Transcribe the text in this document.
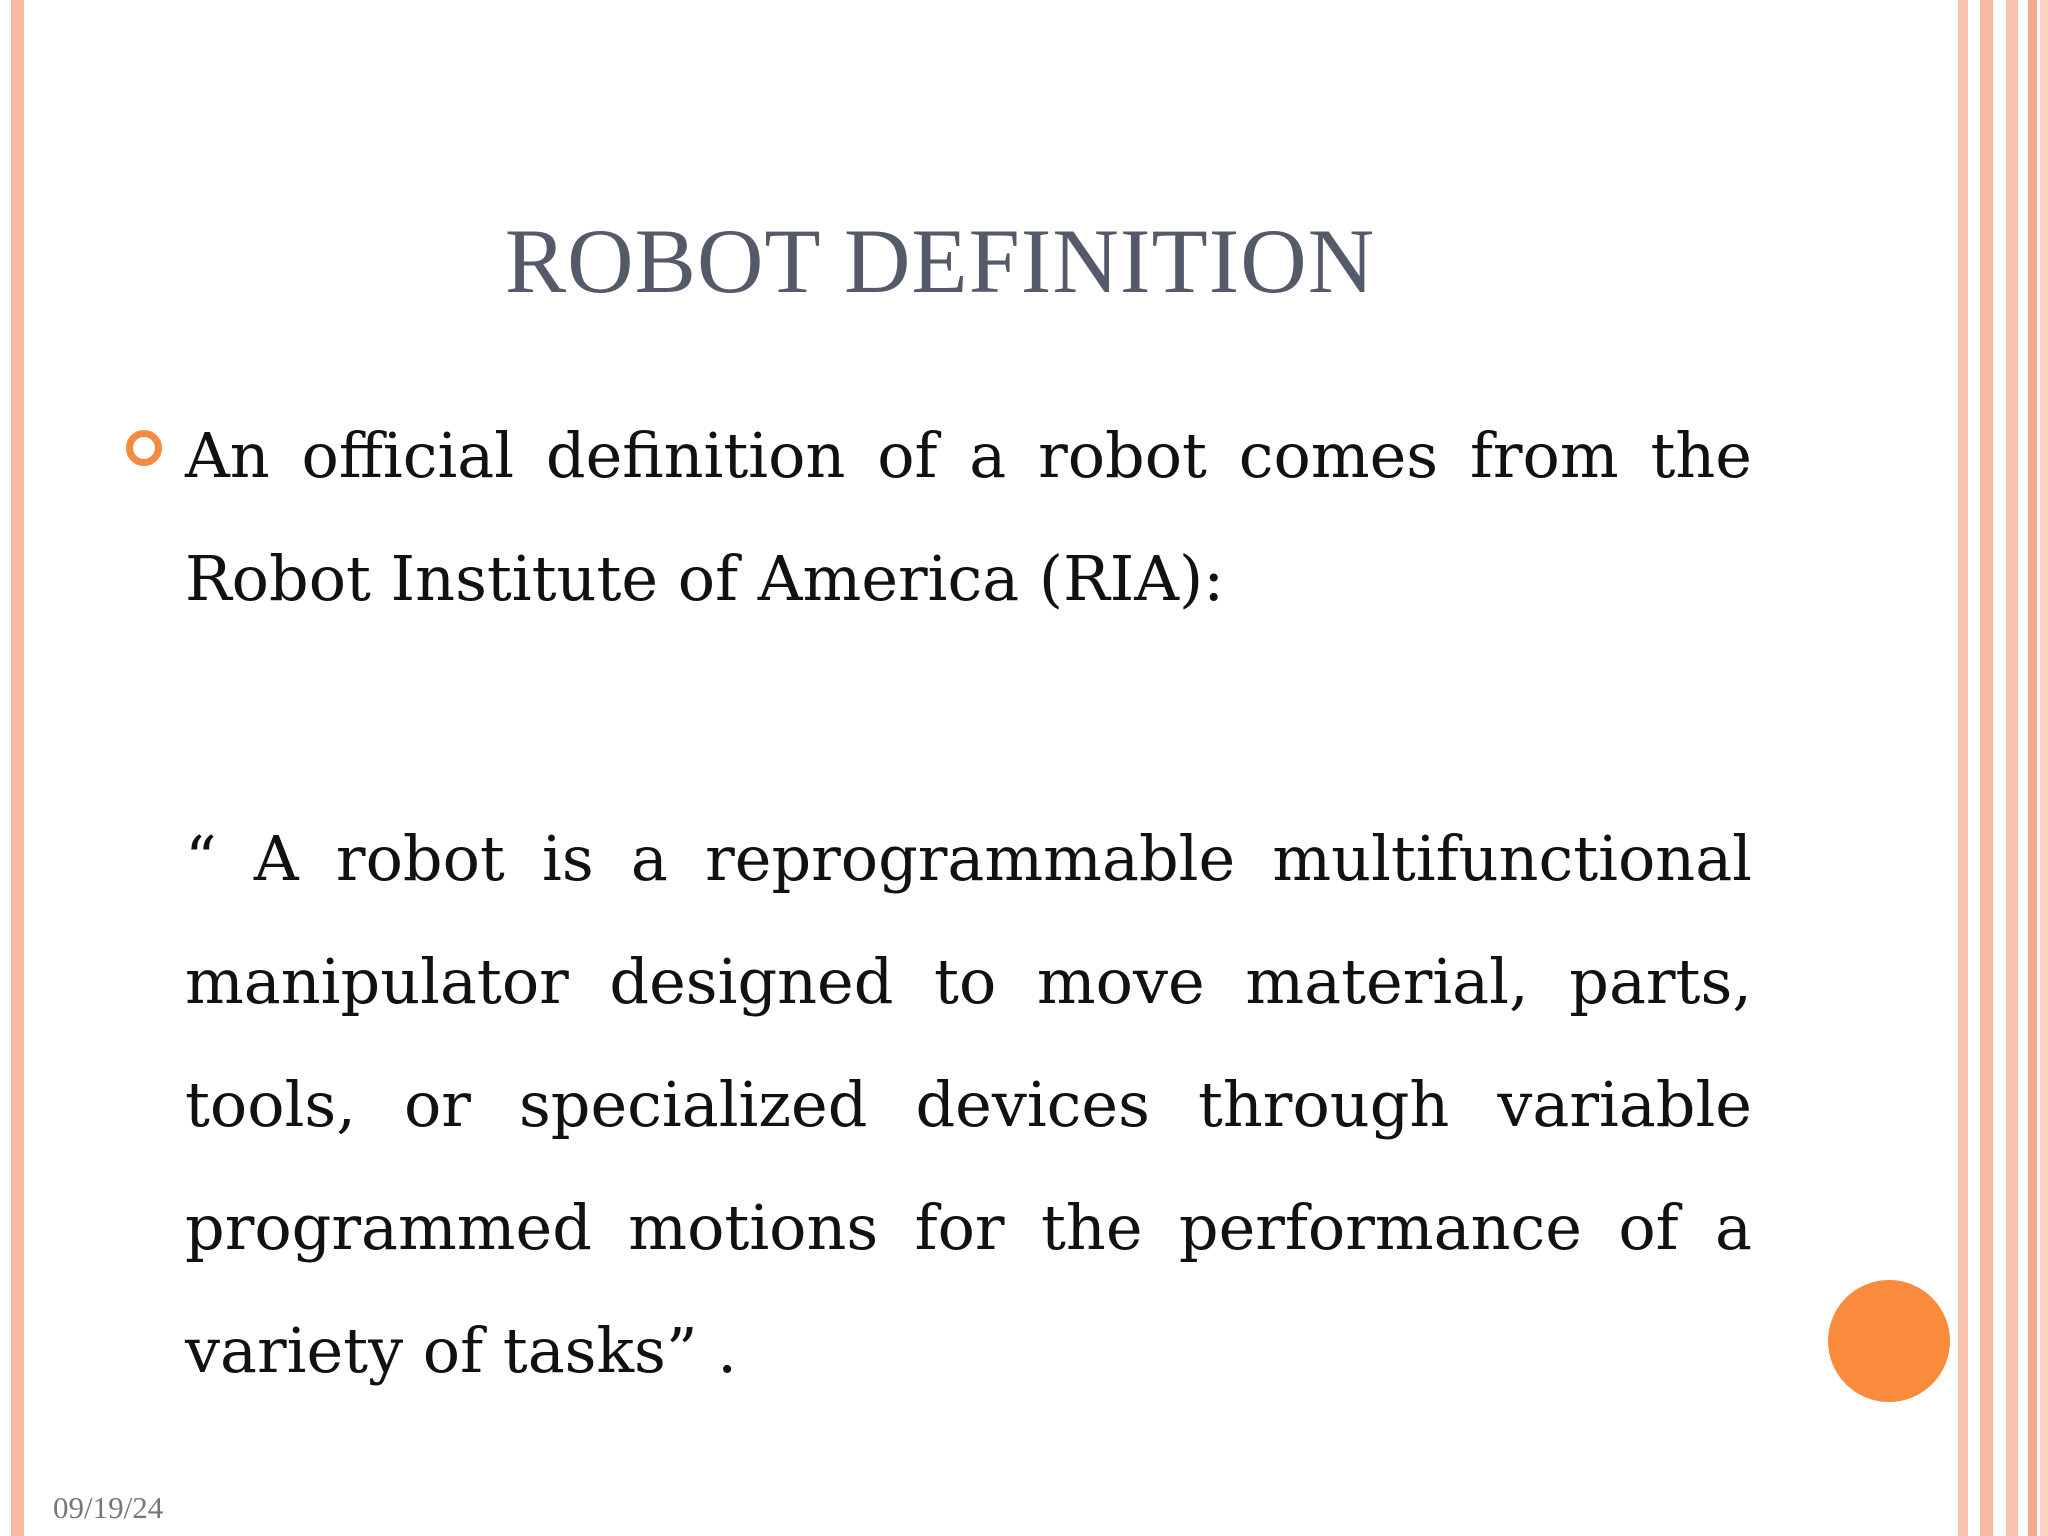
ROBOT DEFINITION

An official definition of a robot comes from the Robot Institute of America (RIA):

“ A robot is a reprogrammable multifunctional manipulator designed to move material, parts, tools, or specialized devices through variable programmed motions for the performance of a variety of tasks” .

09/19/24
